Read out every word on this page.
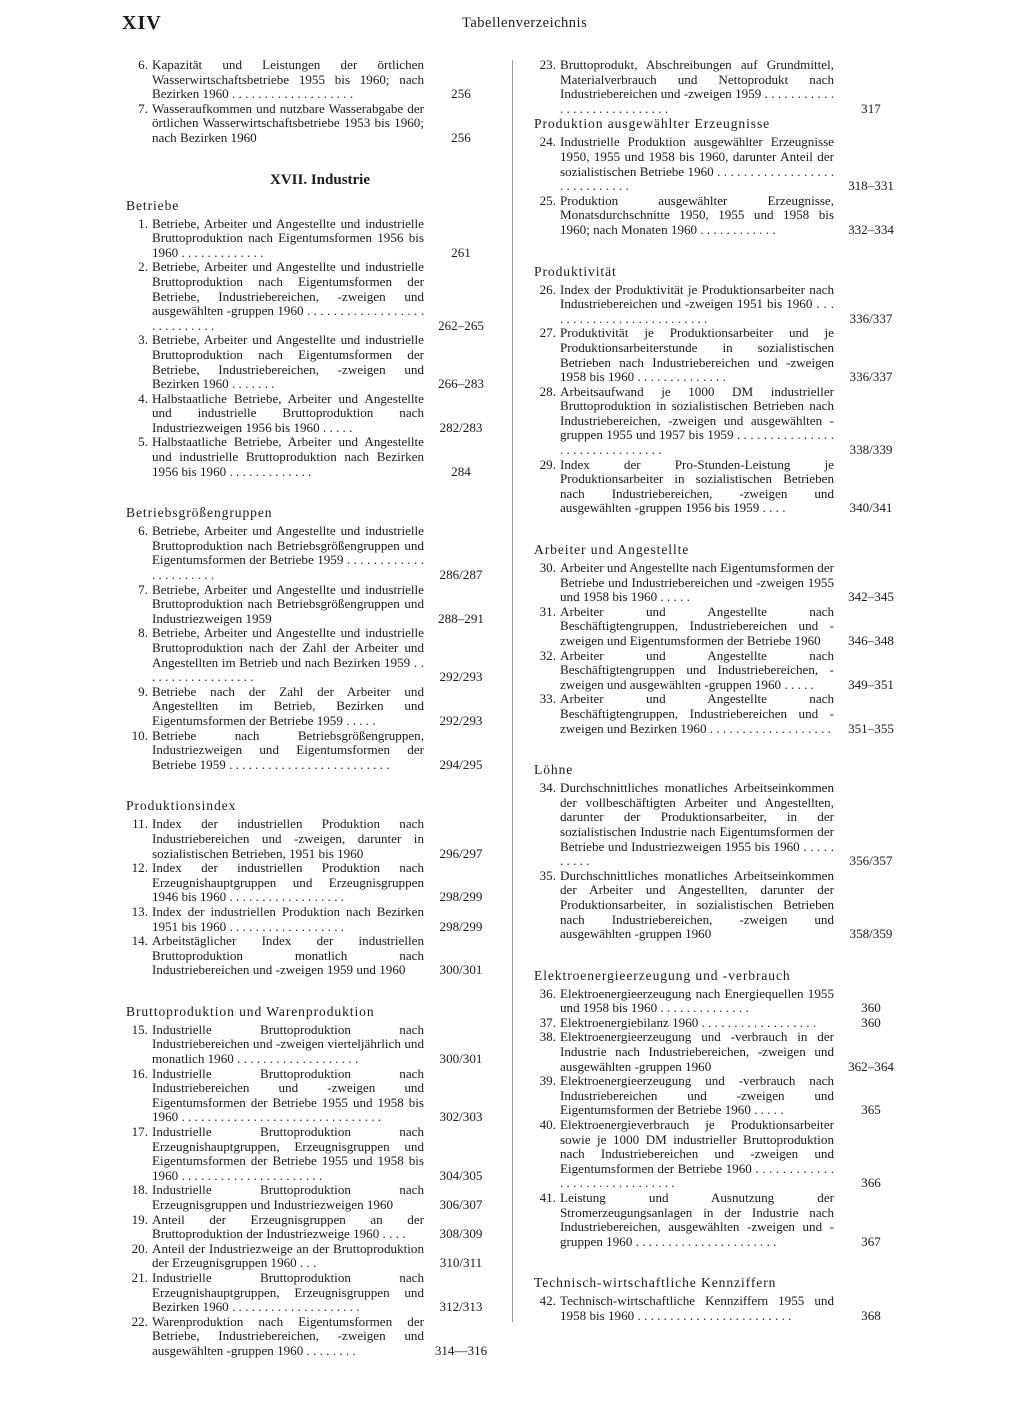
XIV	Tabellenverzeichnis
6. Kapazität und Leistungen der örtlichen Wasserwirtschaftsbetriebe 1955 bis 1960; nach Bezirken 1960 . . . . . . . . . . . . . . . . . . .	256
7. Wasseraufkommen und nutzbare Wasserabgabe der örtlichen Wasserwirtschaftsbetriebe 1953 bis 1960; nach Bezirken 1960	256
XVII. Industrie
Betriebe
1. Betriebe, Arbeiter und Angestellte und industrielle Bruttoproduktion nach Eigentumsformen 1956 bis 1960 . . . . . . . . . . . . .	261
2. Betriebe, Arbeiter und Angestellte und industrielle Bruttoproduktion nach Eigentumsformen der Betriebe, Industriebereichen, -zweigen und ausgewählten -gruppen 1960 . . . . . . . . . . . . . . . . . . . . . . . . . . . .	262–265
3. Betriebe, Arbeiter und Angestellte und industrielle Bruttoproduktion nach Eigentumsformen der Betriebe, Industriebereichen, -zweigen und Bezirken 1960 . . . . . . .	266–283
4. Halbstaatliche Betriebe, Arbeiter und Angestellte und industrielle Bruttoproduktion nach Industriezweigen 1956 bis 1960 . . . . .	282/283
5. Halbstaatliche Betriebe, Arbeiter und Angestellte und industrielle Bruttoproduktion nach Bezirken 1956 bis 1960 . . . . . . . . . . . . .	284
Betriebsgrößengruppen
6. Betriebe, Arbeiter und Angestellte und industrielle Bruttoproduktion nach Betriebsgrößengruppen und Eigentumsformen der Betriebe 1959 . . . . . . . . . . . . . . . . . . . . . .	286/287
7. Betriebe, Arbeiter und Angestellte und industrielle Bruttoproduktion nach Betriebsgrößengruppen und Industriezweigen 1959	288–291
8. Betriebe, Arbeiter und Angestellte und industrielle Bruttoproduktion nach der Zahl der Arbeiter und Angestellten im Betrieb und nach Bezirken 1959 . . . . . . . . . . . . . . . . . .	292/293
9. Betriebe nach der Zahl der Arbeiter und Angestellten im Betrieb, Bezirken und Eigentumsformen der Betriebe 1959 . . . . .	292/293
10. Betriebe nach Betriebsgrößengruppen, Industriezweigen und Eigentumsformen der Betriebe 1959 . . . . . . . . . . . . . . . . . . . . . . . . .	294/295
Produktionsindex
11. Index der industriellen Produktion nach Industriebereichen und -zweigen, darunter in sozialistischen Betrieben, 1951 bis 1960	296/297
12. Index der industriellen Produktion nach Erzeugnishauptgruppen und Erzeugnisgruppen 1946 bis 1960 . . . . . . . . . . . . . . . . . .	298/299
13. Index der industriellen Produktion nach Bezirken 1951 bis 1960 . . . . . . . . . . . . . . . . . .	298/299
14. Arbeitstäglicher Index der industriellen Bruttoproduktion monatlich nach Industriebereichen und -zweigen 1959 und 1960	300/301
Bruttoproduktion und Warenproduktion
15. Industrielle Bruttoproduktion nach Industriebereichen und -zweigen vierteljährlich und monatlich 1960 . . . . . . . . . . . . . . . . . . .	300/301
16. Industrielle Bruttoproduktion nach Industriebereichen und -zweigen und Eigentumsformen der Betriebe 1955 und 1958 bis 1960 . . . . . . . . . . . . . . . . . . . . . . . . . . . . . . .	302/303
17. Industrielle Bruttoproduktion nach Erzeugnishauptgruppen, Erzeugnisgruppen und Eigentumsformen der Betriebe 1955 und 1958 bis 1960 . . . . . . . . . . . . . . . . . . . . . .	304/305
18. Industrielle Bruttoproduktion nach Erzeugnisgruppen und Industriezweigen 1960	306/307
19. Anteil der Erzeugnisgruppen an der Bruttoproduktion der Industriezweige 1960 . . . .	308/309
20. Anteil der Industriezweige an der Bruttoproduktion der Erzeugnisgruppen 1960 . . .	310/311
21. Industrielle Bruttoproduktion nach Erzeugnishauptgruppen, Erzeugnisgruppen und Bezirken 1960 . . . . . . . . . . . . . . . . . . . .	312/313
22. Warenproduktion nach Eigentumsformen der Betriebe, Industriebereichen, -zweigen und ausgewählten -gruppen 1960 . . . . . . . .	314—316
23. Bruttoprodukt, Abschreibungen auf Grundmittel, Materialverbrauch und Nettoprodukt nach Industriebereichen und -zweigen 1959 . . . . . . . . . . . . . . . . . . . . . . . . . . . .	317
Produktion ausgewählter Erzeugnisse
24. Industrielle Produktion ausgewählter Erzeugnisse 1950, 1955 und 1958 bis 1960, darunter Anteil der sozialistischen Betriebe 1960 . . . . . . . . . . . . . . . . . . . . . . . . . . . . .	318–331
25. Produktion ausgewählter Erzeugnisse, Monatsdurchschnitte 1950, 1955 und 1958 bis 1960; nach Monaten 1960 . . . . . . . . . . . .	332–334
Produktivität
26. Index der Produktivität je Produktionsarbeiter nach Industriebereichen und -zweigen 1951 bis 1960 . . . . . . . . . . . . . . . . . . . . . . . . . .	336/337
27. Produktivität je Produktionsarbeiter und je Produktionsarbeiterstunde in sozialistischen Betrieben nach Industriebereichen und -zweigen 1958 bis 1960 . . . . . . . . . . . . . .	336/337
28. Arbeitsaufwand je 1000 DM industrieller Bruttoproduktion in sozialistischen Betrieben nach Industriebereichen, -zweigen und ausgewählten -gruppen 1955 und 1957 bis 1959 . . . . . . . . . . . . . . . . . . . . . . . . . . . . . . .	338/339
29. Index der Pro-Stunden-Leistung je Produktionsarbeiter in sozialistischen Betrieben nach Industriebereichen, -zweigen und ausgewählten -gruppen 1956 bis 1959 . . . .	340/341
Arbeiter und Angestellte
30. Arbeiter und Angestellte nach Eigentumsformen der Betriebe und Industriebereichen und -zweigen 1955 und 1958 bis 1960 . . . . .	342–345
31. Arbeiter und Angestellte nach Beschäftigtengruppen, Industriebereichen und -zweigen und Eigentumsformen der Betriebe 1960	346–348
32. Arbeiter und Angestellte nach Beschäftigtengruppen und Industriebereichen, -zweigen und ausgewählten -gruppen 1960 . . . . .	349–351
33. Arbeiter und Angestellte nach Beschäftigtengruppen, Industriebereichen und -zweigen und Bezirken 1960 . . . . . . . . . . . . . . . . . . .	351–355
Löhne
34. Durchschnittliches monatliches Arbeitseinkommen der vollbeschäftigten Arbeiter und Angestellten, darunter der Produktionsarbeiter, in der sozialistischen Industrie nach Eigentumsformen der Betriebe und Industriezweigen 1955 bis 1960 . . . . . . . . . .	356/357
35. Durchschnittliches monatliches Arbeitseinkommen der Arbeiter und Angestellten, darunter der Produktionsarbeiter, in sozialistischen Betrieben nach Industriebereichen, -zweigen und ausgewählten -gruppen 1960	358/359
Elektroenergieerzeugung und -verbrauch
36. Elektroenergieerzeugung nach Energiequellen 1955 und 1958 bis 1960 . . . . . . . . . . . . . .	360
37. Elektroenergiebilanz 1960 . . . . . . . . . . . . . . . . . .	360
38. Elektroenergieerzeugung und -verbrauch in der Industrie nach Industriebereichen, -zweigen und ausgewählten -gruppen 1960	362–364
39. Elektroenergieerzeugung und -verbrauch nach Industriebereichen und -zweigen und Eigentumsformen der Betriebe 1960 . . . . .	365
40. Elektroenergieverbrauch je Produktionsarbeiter sowie je 1000 DM industrieller Bruttoproduktion nach Industriebereichen und -zweigen und Eigentumsformen der Betriebe 1960 . . . . . . . . . . . . . . . . . . . . . . . . . . . . . .	366
41. Leistung und Ausnutzung der Stromerzeugungsanlagen in der Industrie nach Industriebereichen, ausgewählten -zweigen und -gruppen 1960 . . . . . . . . . . . . . . . . . . . . . .	367
Technisch-wirtschaftliche Kennziffern
42. Technisch-wirtschaftliche Kennziffern 1955 und 1958 bis 1960 . . . . . . . . . . . . . . . . . . . . . . . .	368
